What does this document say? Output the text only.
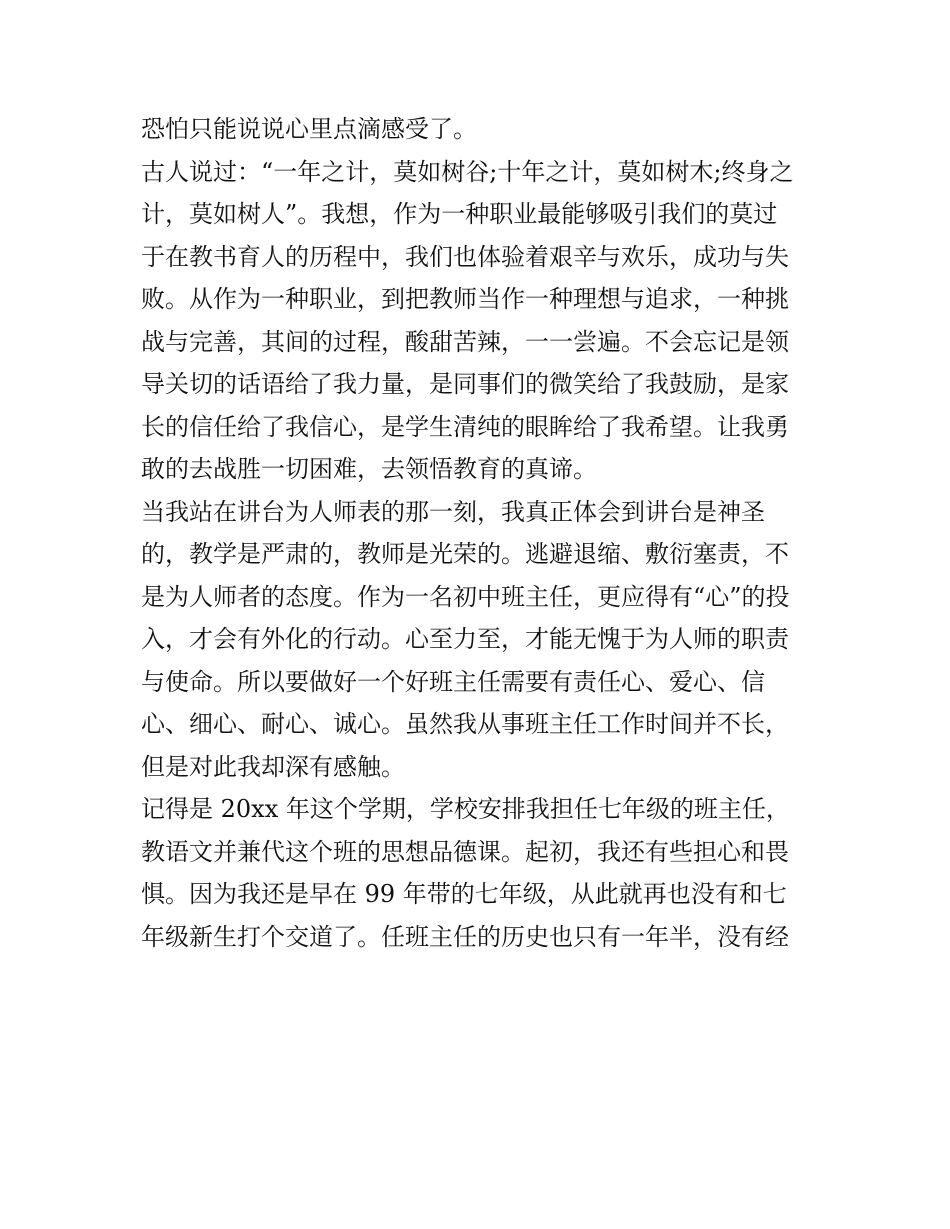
恐怕只能说说心里点滴感受了。
古人说过：“一年之计，莫如树谷;十年之计，莫如树木;终身之
计，莫如树人”。我想，作为一种职业最能够吸引我们的莫过
于在教书育人的历程中，我们也体验着艰辛与欢乐，成功与失
败。从作为一种职业，到把教师当作一种理想与追求，一种挑
战与完善，其间的过程，酸甜苦辣，一一尝遍。不会忘记是领
导关切的话语给了我力量，是同事们的微笑给了我鼓励，是家
长的信任给了我信心，是学生清纯的眼眸给了我希望。让我勇
敢的去战胜一切困难，去领悟教育的真谛。
当我站在讲台为人师表的那一刻，我真正体会到讲台是神圣
的，教学是严肃的，教师是光荣的。逃避退缩、敷衍塞责，不
是为人师者的态度。作为一名初中班主任，更应得有“心”的投
入，才会有外化的行动。心至力至，才能无愧于为人师的职责
与使命。所以要做好一个好班主任需要有责任心、爱心、信
心、细心、耐心、诚心。虽然我从事班主任工作时间并不长，
但是对此我却深有感触。
记得是 20xx 年这个学期，学校安排我担任七年级的班主任，
教语文并兼代这个班的思想品德课。起初，我还有些担心和畏
惧。因为我还是早在 99 年带的七年级，从此就再也没有和七
年级新生打个交道了。任班主任的历史也只有一年半，没有经
